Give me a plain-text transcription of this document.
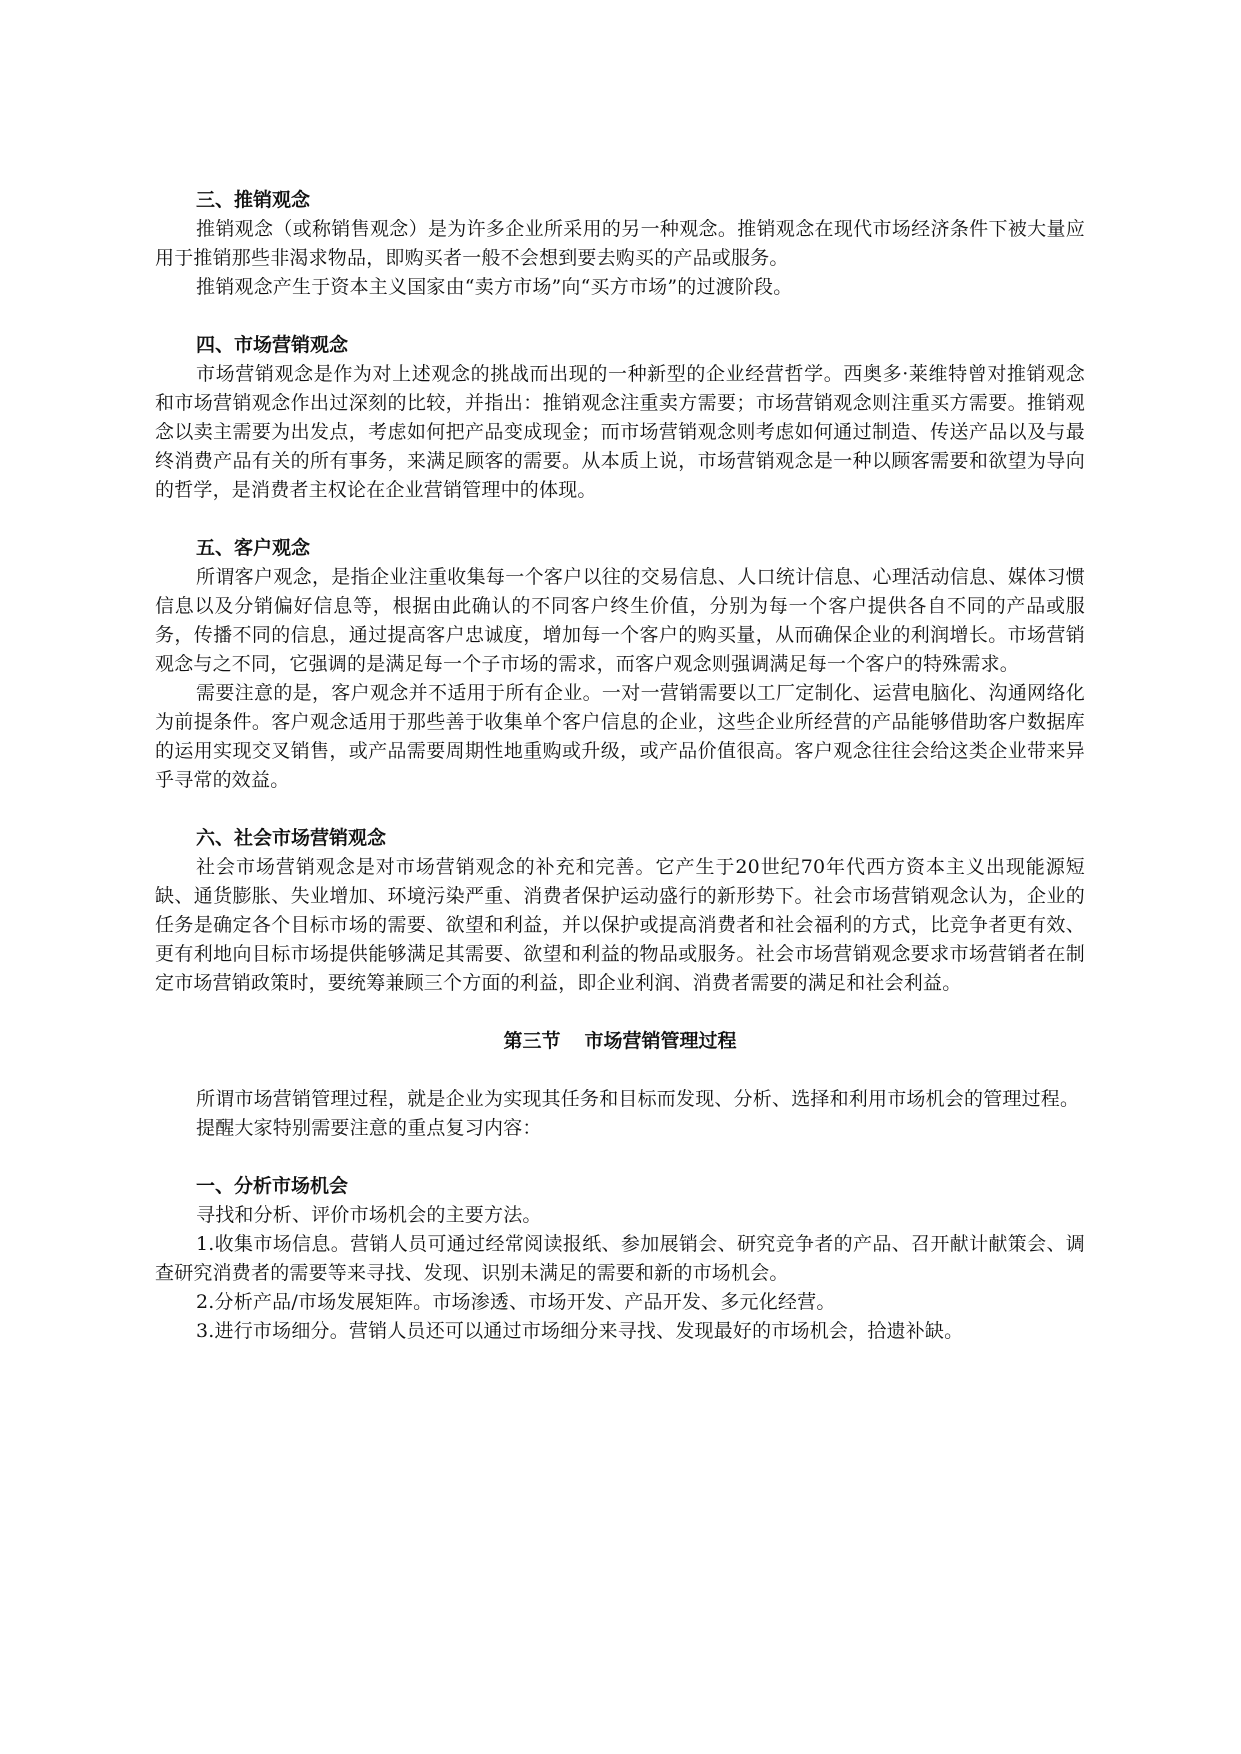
三、推销观念

推销观念（或称销售观念）是为许多企业所采用的另一种观念。推销观念在现代市场经济条件下被大量应用于推销那些非渴求物品，即购买者一般不会想到要去购买的产品或服务。

推销观念产生于资本主义国家由“卖方市场”向“买方市场”的过渡阶段。

四、市场营销观念

市场营销观念是作为对上述观念的挑战而出现的一种新型的企业经营哲学。西奥多·莱维特曾对推销观念和市场营销观念作出过深刻的比较，并指出：推销观念注重卖方需要；市场营销观念则注重买方需要。推销观念以卖主需要为出发点，考虑如何把产品变成现金；而市场营销观念则考虑如何通过制造、传送产品以及与最终消费产品有关的所有事务，来满足顾客的需要。从本质上说，市场营销观念是一种以顾客需要和欲望为导向的哲学，是消费者主权论在企业营销管理中的体现。

五、客户观念

所谓客户观念，是指企业注重收集每一个客户以往的交易信息、人口统计信息、心理活动信息、媒体习惯信息以及分销偏好信息等，根据由此确认的不同客户终生价值，分别为每一个客户提供各自不同的产品或服务，传播不同的信息，通过提高客户忠诚度，增加每一个客户的购买量，从而确保企业的利润增长。市场营销观念与之不同，它强调的是满足每一个子市场的需求，而客户观念则强调满足每一个客户的特殊需求。

需要注意的是，客户观念并不适用于所有企业。一对一营销需要以工厂定制化、运营电脑化、沟通网络化为前提条件。客户观念适用于那些善于收集单个客户信息的企业，这些企业所经营的产品能够借助客户数据库的运用实现交叉销售，或产品需要周期性地重购或升级，或产品价值很高。客户观念往往会给这类企业带来异乎寻常的效益。

六、社会市场营销观念

社会市场营销观念是对市场营销观念的补充和完善。它产生于20世纪70年代西方资本主义出现能源短缺、通货膨胀、失业增加、环境污染严重、消费者保护运动盛行的新形势下。社会市场营销观念认为，企业的任务是确定各个目标市场的需要、欲望和利益，并以保护或提高消费者和社会福利的方式，比竞争者更有效、更有利地向目标市场提供能够满足其需要、欲望和利益的物品或服务。社会市场营销观念要求市场营销者在制定市场营销政策时，要统筹兼顾三个方面的利益，即企业利润、消费者需要的满足和社会利益。

第三节 市场营销管理过程

所谓市场营销管理过程，就是企业为实现其任务和目标而发现、分析、选择和利用市场机会的管理过程。

提醒大家特别需要注意的重点复习内容：

一、分析市场机会

寻找和分析、评价市场机会的主要方法。

1.收集市场信息。营销人员可通过经常阅读报纸、参加展销会、研究竞争者的产品、召开献计献策会、调查研究消费者的需要等来寻找、发现、识别未满足的需要和新的市场机会。

2.分析产品/市场发展矩阵。市场渗透、市场开发、产品开发、多元化经营。

3.进行市场细分。营销人员还可以通过市场细分来寻找、发现最好的市场机会，拾遗补缺。
